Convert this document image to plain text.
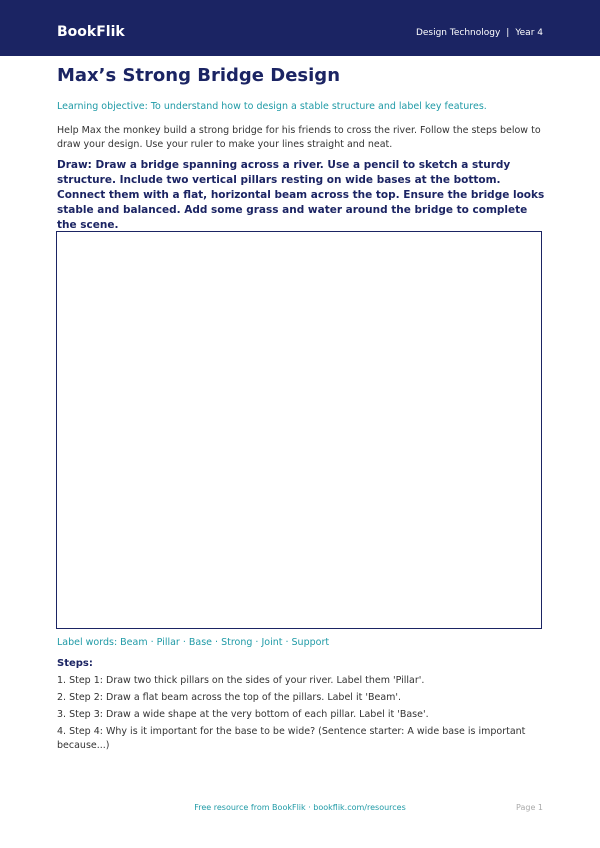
BookFlik	Design Technology | Year 4
Max’s Strong Bridge Design
Learning objective: To understand how to design a stable structure and label key features.
Help Max the monkey build a strong bridge for his friends to cross the river. Follow the steps below to draw your design. Use your ruler to make your lines straight and neat.
Draw: Draw a bridge spanning across a river. Use a pencil to sketch a sturdy structure. Include two vertical pillars resting on wide bases at the bottom. Connect them with a flat, horizontal beam across the top. Ensure the bridge looks stable and balanced. Add some grass and water around the bridge to complete the scene.
Label words: Beam · Pillar · Base · Strong · Joint · Support
Steps:
1. Step 1: Draw two thick pillars on the sides of your river. Label them 'Pillar'.
2. Step 2: Draw a flat beam across the top of the pillars. Label it 'Beam'.
3. Step 3: Draw a wide shape at the very bottom of each pillar. Label it 'Base'.
4. Step 4: Why is it important for the base to be wide? (Sentence starter: A wide base is important because...)
Free resource from BookFlik · bookflik.com/resources	Page 1
